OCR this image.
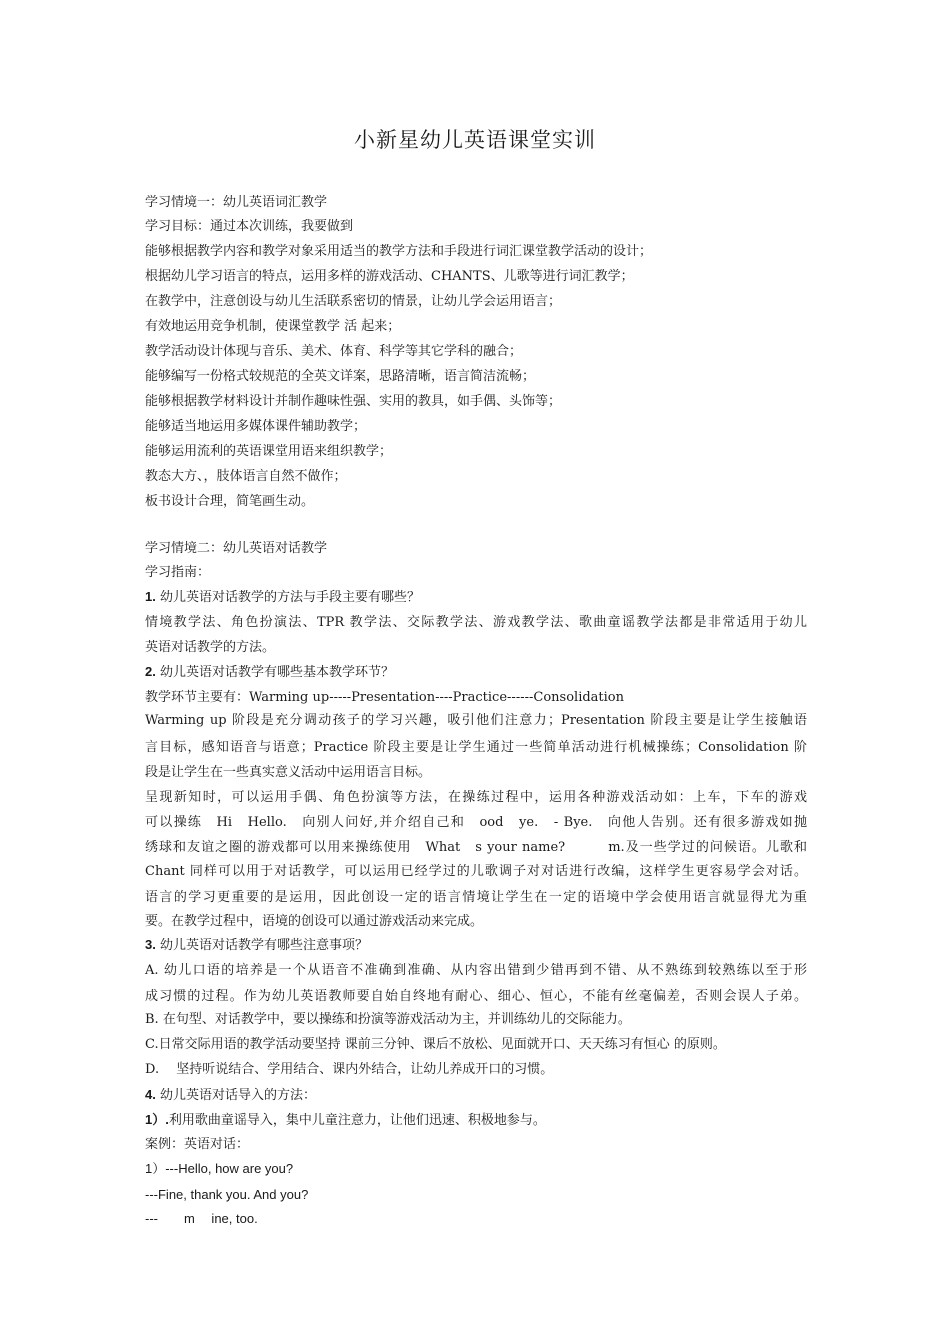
小新星幼儿英语课堂实训
学习情境一：幼儿英语词汇教学
学习目标：通过本次训练，我要做到
能够根据教学内容和教学对象采用适当的教学方法和手段进行词汇课堂教学活动的设计；
根据幼儿学习语言的特点，运用多样的游戏活动、CHANTS、儿歌等进行词汇教学；
在教学中，注意创设与幼儿生活联系密切的情景，让幼儿学会运用语言；
有效地运用竞争机制，使课堂教学 活 起来；
教学活动设计体现与音乐、美术、体育、科学等其它学科的融合；
能够编写一份格式较规范的全英文详案，思路清晰，语言简洁流畅；
能够根据教学材料设计并制作趣味性强、实用的教具，如手偶、头饰等；
能够适当地运用多媒体课件辅助教学；
能够运用流利的英语课堂用语来组织教学；
教态大方、，肢体语言自然不做作；
板书设计合理，简笔画生动。
学习情境二：幼儿英语对话教学
学习指南：
1. 幼儿英语对话教学的方法与手段主要有哪些？
情境教学法、角色扮演法、TPR 教学法、交际教学法、游戏教学法、歌曲童谣教学法都是非常适用于幼儿
英语对话教学的方法。
2. 幼儿英语对话教学有哪些基本教学环节？
教学环节主要有：Warming up-----Presentation----Practice------Consolidation
Warming up 阶段是充分调动孩子的学习兴趣，吸引他们注意力；Presentation 阶段主要是让学生接触语
言目标，感知语音与语意；Practice 阶段主要是让学生通过一些简单活动进行机械操练；Consolidation 阶
段是让学生在一些真实意义活动中运用语言目标。
呈现新知时，可以运用手偶、角色扮演等方法，在操练过程中，运用各种游戏活动如：上车，下车的游戏
可以操练　Hi　Hello.　向别人问好,并介绍自己和　ood　ye.　- Bye.　向他人告别。还有很多游戏如抛
绣球和友谊之圈的游戏都可以用来操练使用　What　s your name?　　　m.及一些学过的问候语。儿歌和
Chant 同样可以用于对话教学，可以运用已经学过的儿歌调子对对话进行改编，这样学生更容易学会对话。
语言的学习更重要的是运用，因此创设一定的语言情境让学生在一定的语境中学会使用语言就显得尤为重
要。在教学过程中，语境的创设可以通过游戏活动来完成。
3. 幼儿英语对话教学有哪些注意事项？
A. 幼儿口语的培养是一个从语音不准确到准确、从内容出错到少错再到不错、从不熟练到较熟练以至于形
成习惯的过程。作为幼儿英语教师要自始自终地有耐心、细心、恒心，不能有丝毫偏差，否则会误人子弟。
B. 在句型、对话教学中，要以操练和扮演等游戏活动为主，并训练幼儿的交际能力。
C.日常交际用语的教学活动要坚持 课前三分钟、课后不放松、见面就开口、天天练习有恒心 的原则。
D.　 坚持听说结合、学用结合、课内外结合，让幼儿养成开口的习惯。
4. 幼儿英语对话导入的方法：
1）.利用歌曲童谣导入，集中儿童注意力，让他们迅速、积极地参与。
案例：英语对话：
1）---Hello, how are you?
---Fine, thank you. And you?
---　　m　 ine, too.
